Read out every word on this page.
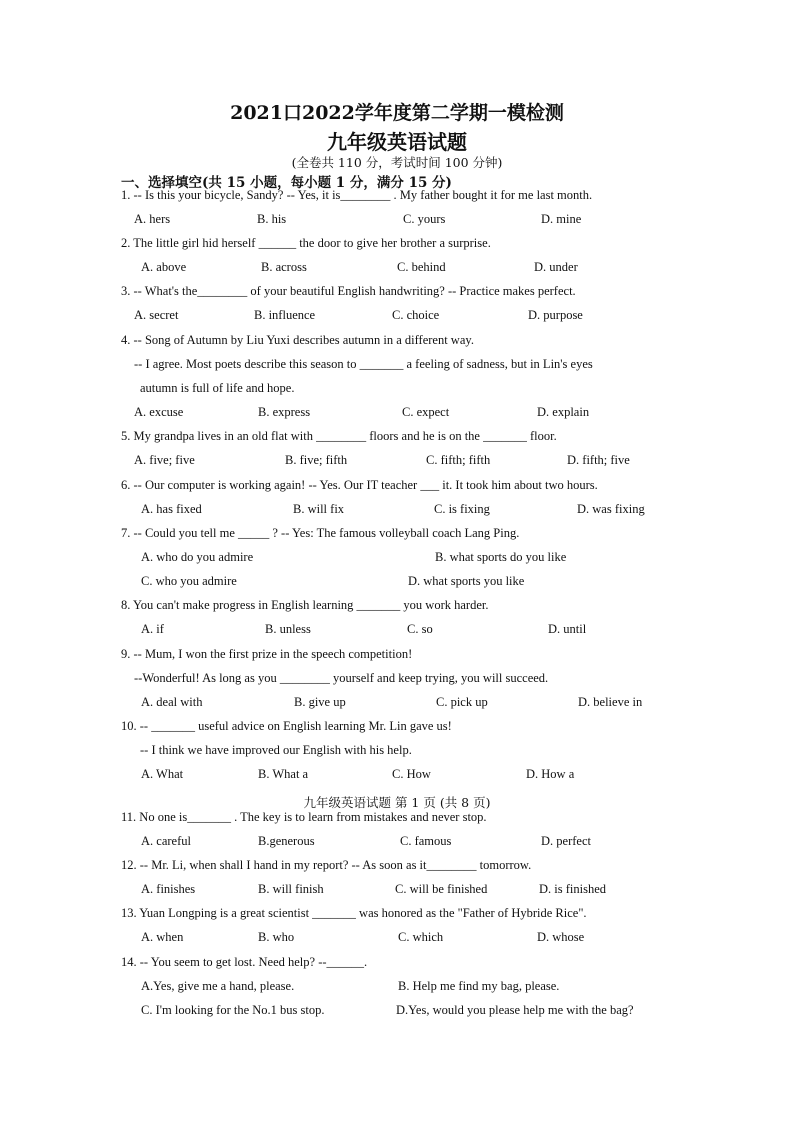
2021口2022学年度第二学期一模检测
九年级英语试题
(全卷共 110 分，考试时间 100 分钟)
一、选择填空(共 15 小题，每小题 1 分，满分 15 分)
1. -- Is this your bicycle, Sandy? -- Yes, it is________ . My father bought it for me last month.
A. hers	B. his	C. yours	D. mine
2. The little girl hid herself ______ the door to give her brother a surprise.
A. above	B. across	C. behind	D. under
3. -- What's the________ of your beautiful English handwriting? -- Practice makes perfect.
A. secret	B. influence	C. choice	D. purpose
4. -- Song of Autumn by Liu Yuxi describes autumn in a different way.
-- I agree. Most poets describe this season to _______ a feeling of sadness, but in Lin's eyes
autumn is full of life and hope.
A. excuse	B. express	C. expect	D. explain
5. My grandpa lives in an old flat with ________ floors and he is on the _______ floor.
A. five; five	B. five; fifth	C. fifth; fifth	D. fifth; five
6. -- Our computer is working again! -- Yes. Our IT teacher ___ it. It took him about two hours.
A. has fixed	B. will fix	C. is fixing	D. was fixing
7. -- Could you tell me _____ ? -- Yes: The famous volleyball coach Lang Ping.
A. who do you admire	B. what sports do you like
C. who you admire	D. what sports you like
8. You can't make progress in English learning _______ you work harder.
A. if	B. unless	C. so	D. until
9. -- Mum, I won the first prize in the speech competition!
--Wonderful! As long as you ________ yourself and keep trying, you will succeed.
A. deal with	B. give up	C. pick up	D. believe in
10. -- _______ useful advice on English learning Mr. Lin gave us!
-- I think we have improved our English with his help.
A. What	B. What a	C. How	D. How a
九年级英语试题 第 1 页 (共 8 页)
11. No one is_______ . The key is to learn from mistakes and never stop.
A. careful	B.generous	C. famous	D. perfect
12. -- Mr. Li, when shall I hand in my report? -- As soon as it________ tomorrow.
A. finishes	B. will finish	C. will be finished	D. is finished
13. Yuan Longping is a great scientist _______ was honored as the "Father of Hybride Rice".
A. when	B. who	C. which	D. whose
14. -- You seem to get lost. Need help? --______.
A.Yes, give me a hand, please.	B. Help me find my bag, please.
C. I'm looking for the No.1 bus stop.	D.Yes, would you please help me with the bag?
